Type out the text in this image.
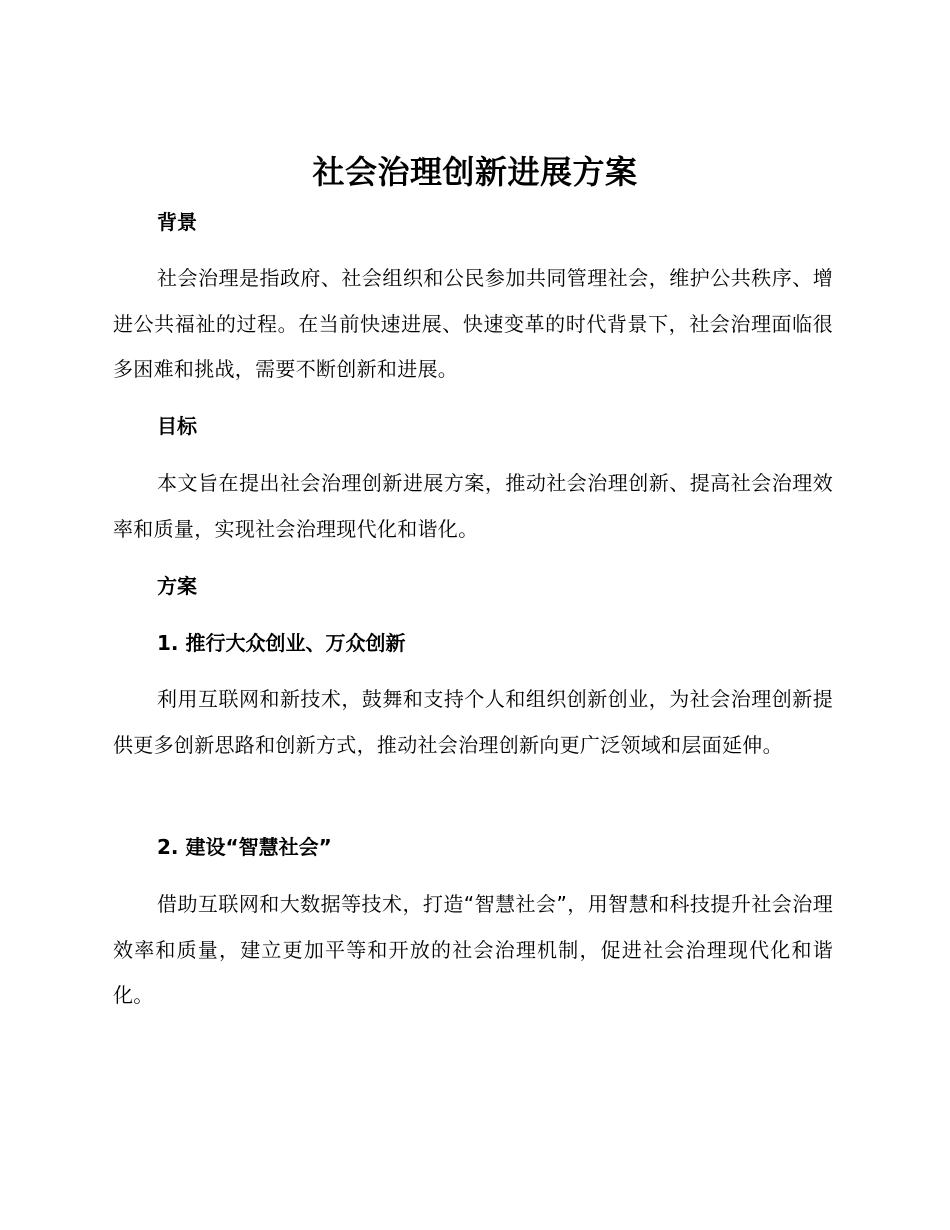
社会治理创新进展方案
背景
社会治理是指政府、社会组织和公民参加共同管理社会，维护公共秩序、增进公共福祉的过程。在当前快速进展、快速变革的时代背景下，社会治理面临很多困难和挑战，需要不断创新和进展。
目标
本文旨在提出社会治理创新进展方案，推动社会治理创新、提高社会治理效率和质量，实现社会治理现代化和谐化。
方案
1. 推行大众创业、万众创新
利用互联网和新技术，鼓舞和支持个人和组织创新创业，为社会治理创新提供更多创新思路和创新方式，推动社会治理创新向更广泛领域和层面延伸。
2. 建设“智慧社会”
借助互联网和大数据等技术，打造“智慧社会”，用智慧和科技提升社会治理效率和质量，建立更加平等和开放的社会治理机制，促进社会治理现代化和谐化。
